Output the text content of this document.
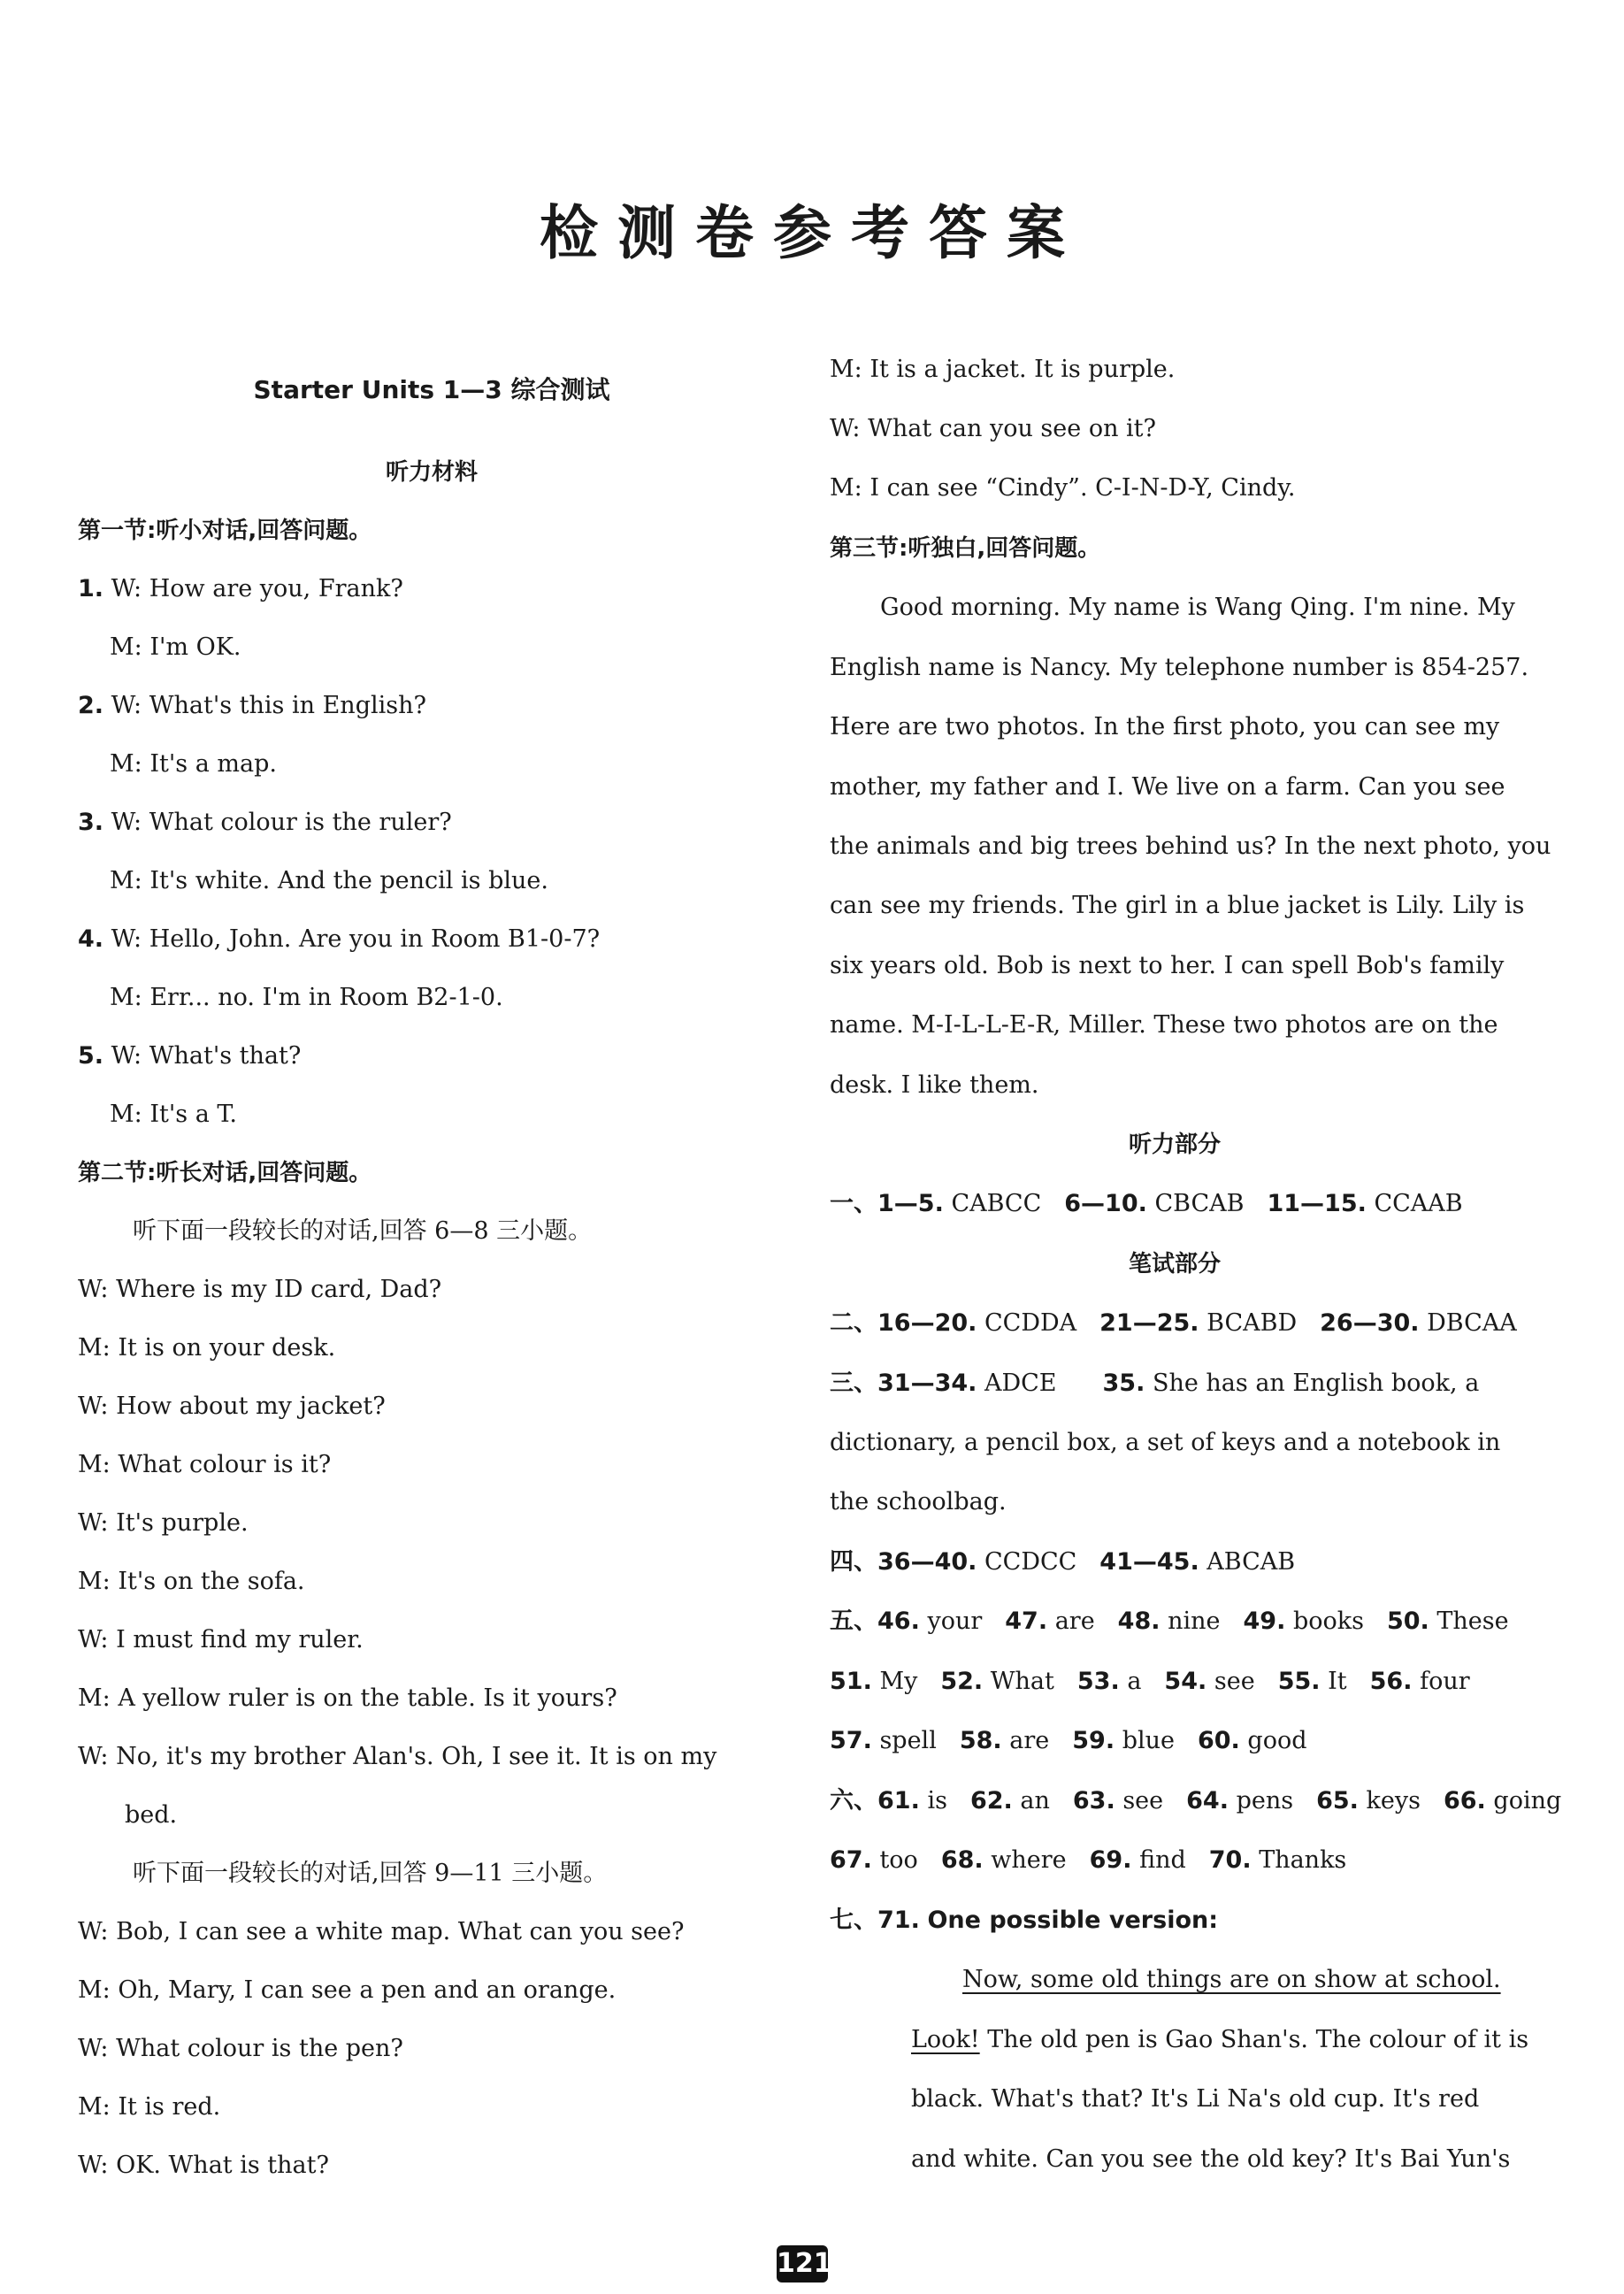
检测卷参考答案
Starter Units 1—3 综合测试
听力材料
第一节:听小对话,回答问题。
1. W: How are you, Frank?
M: I'm OK.
2. W: What's this in English?
M: It's a map.
3. W: What colour is the ruler?
M: It's white. And the pencil is blue.
4. W: Hello, John. Are you in Room B1-0-7?
M: Err... no. I'm in Room B2-1-0.
5. W: What's that?
M: It's a T.
第二节:听长对话,回答问题。
听下面一段较长的对话,回答 6—8 三小题。
W: Where is my ID card, Dad?
M: It is on your desk.
W: How about my jacket?
M: What colour is it?
W: It's purple.
M: It's on the sofa.
W: I must find my ruler.
M: A yellow ruler is on the table. Is it yours?
W: No, it's my brother Alan's. Oh, I see it. It is on my
bed.
听下面一段较长的对话,回答 9—11 三小题。
W: Bob, I can see a white map. What can you see?
M: Oh, Mary, I can see a pen and an orange.
W: What colour is the pen?
M: It is red.
W: OK. What is that?
M: It is a jacket. It is purple.
W: What can you see on it?
M: I can see “Cindy”. C-I-N-D-Y, Cindy.
第三节:听独白,回答问题。
Good morning. My name is Wang Qing. I'm nine. My
English name is Nancy. My telephone number is 854-257.
Here are two photos. In the first photo, you can see my
mother, my father and I. We live on a farm. Can you see
the animals and big trees behind us? In the next photo, you
can see my friends. The girl in a blue jacket is Lily. Lily is
six years old. Bob is next to her. I can spell Bob's family
name. M-I-L-L-E-R, Miller. These two photos are on the
desk. I like them.
听力部分
一、1—5. CABCC 6—10. CBCAB 11—15. CCAAB
笔试部分
二、16—20. CCDDA 21—25. BCABD 26—30. DBCAA
三、31—34. ADCE 35. She has an English book, a
dictionary, a pencil box, a set of keys and a notebook in
the schoolbag.
四、36—40. CCDCC 41—45. ABCAB
五、46. your 47. are 48. nine 49. books 50. These
51. My 52. What 53. a 54. see 55. It 56. four
57. spell 58. are 59. blue 60. good
六、61. is 62. an 63. see 64. pens 65. keys 66. going
67. too 68. where 69. find 70. Thanks
七、71. One possible version:
Now, some old things are on show at school.
Look! The old pen is Gao Shan's. The colour of it is
black. What's that? It's Li Na's old cup. It's red
and white. Can you see the old key? It's Bai Yun's
121
